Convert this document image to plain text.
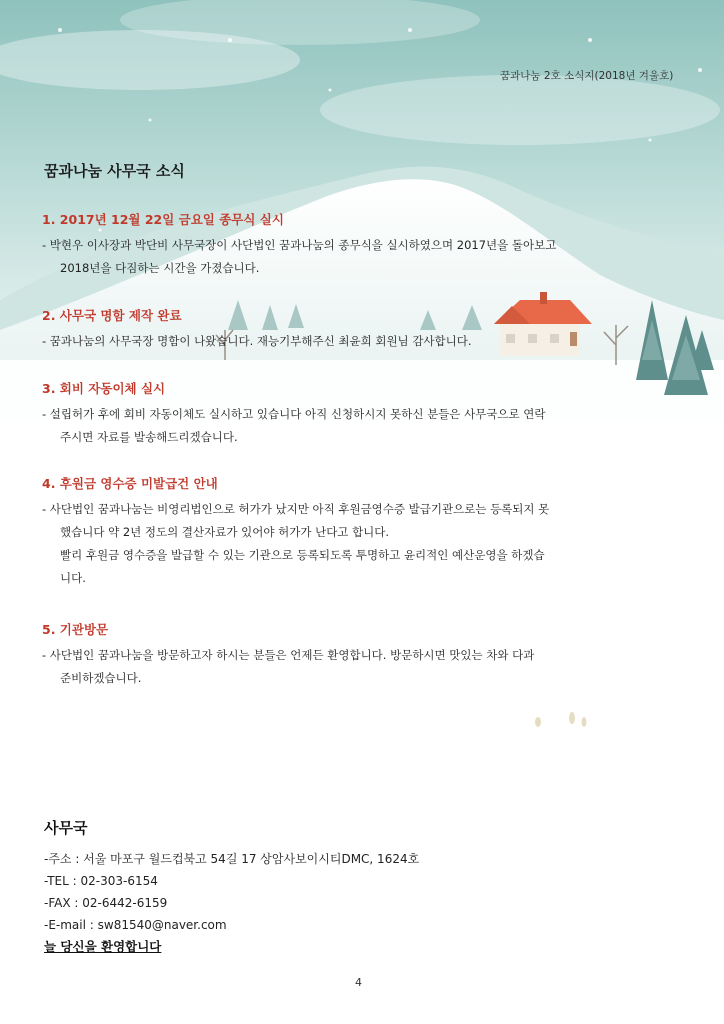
꿈과나눔 2호 소식지(2018년 겨울호)
꿈과나눔 사무국 소식

1. 2017년 12월 22일 금요일 종무식 실시

- 박현우 이사장과 박단비 사무국장이 사단법인 꿈과나눔의 종무식을 실시하였으며 2017년을 돌아보고
2018년을 다짐하는 시간을 가졌습니다.

2. 사무국 명함 제작 완료

- 꿈과나눔의 사무국장 명함이 나왔습니다. 재능기부해주신 최윤희 회원님 감사합니다.

3. 회비 자동이체 실시

- 설립허가 후에 회비 자동이체도 실시하고 있습니다 아직 신청하시지 못하신 분들은 사무국으로 연락
주시면 자료를 발송해드리겠습니다.

4. 후원금 영수증 미발급건 안내

- 사단법인 꿈과나눔는 비영리법인으로 허가가 났지만 아직 후원금영수증 발급기관으로는 등록되지 못
했습니다 약 2년 정도의 결산자료가 있어야 허가가 난다고 합니다.
빨리 후원금 영수증을 발급할 수 있는 기관으로 등록되도록 투명하고 윤리적인 예산운영을 하겠습
니다.

5. 기관방문

- 사단법인 꿈과나눔을 방문하고자 하시는 분들은 언제든 환영합니다. 방문하시면 맛있는 차와 다과
준비하겠습니다.

사무국
-주소 : 서울 마포구 월드컵북고 54길 17 상암사보이시티DMC, 1624호
-TEL : 02-303-6154
-FAX : 02-6442-6159
-E-mail : sw81540@naver.com
늘 당신을 환영합니다
4
